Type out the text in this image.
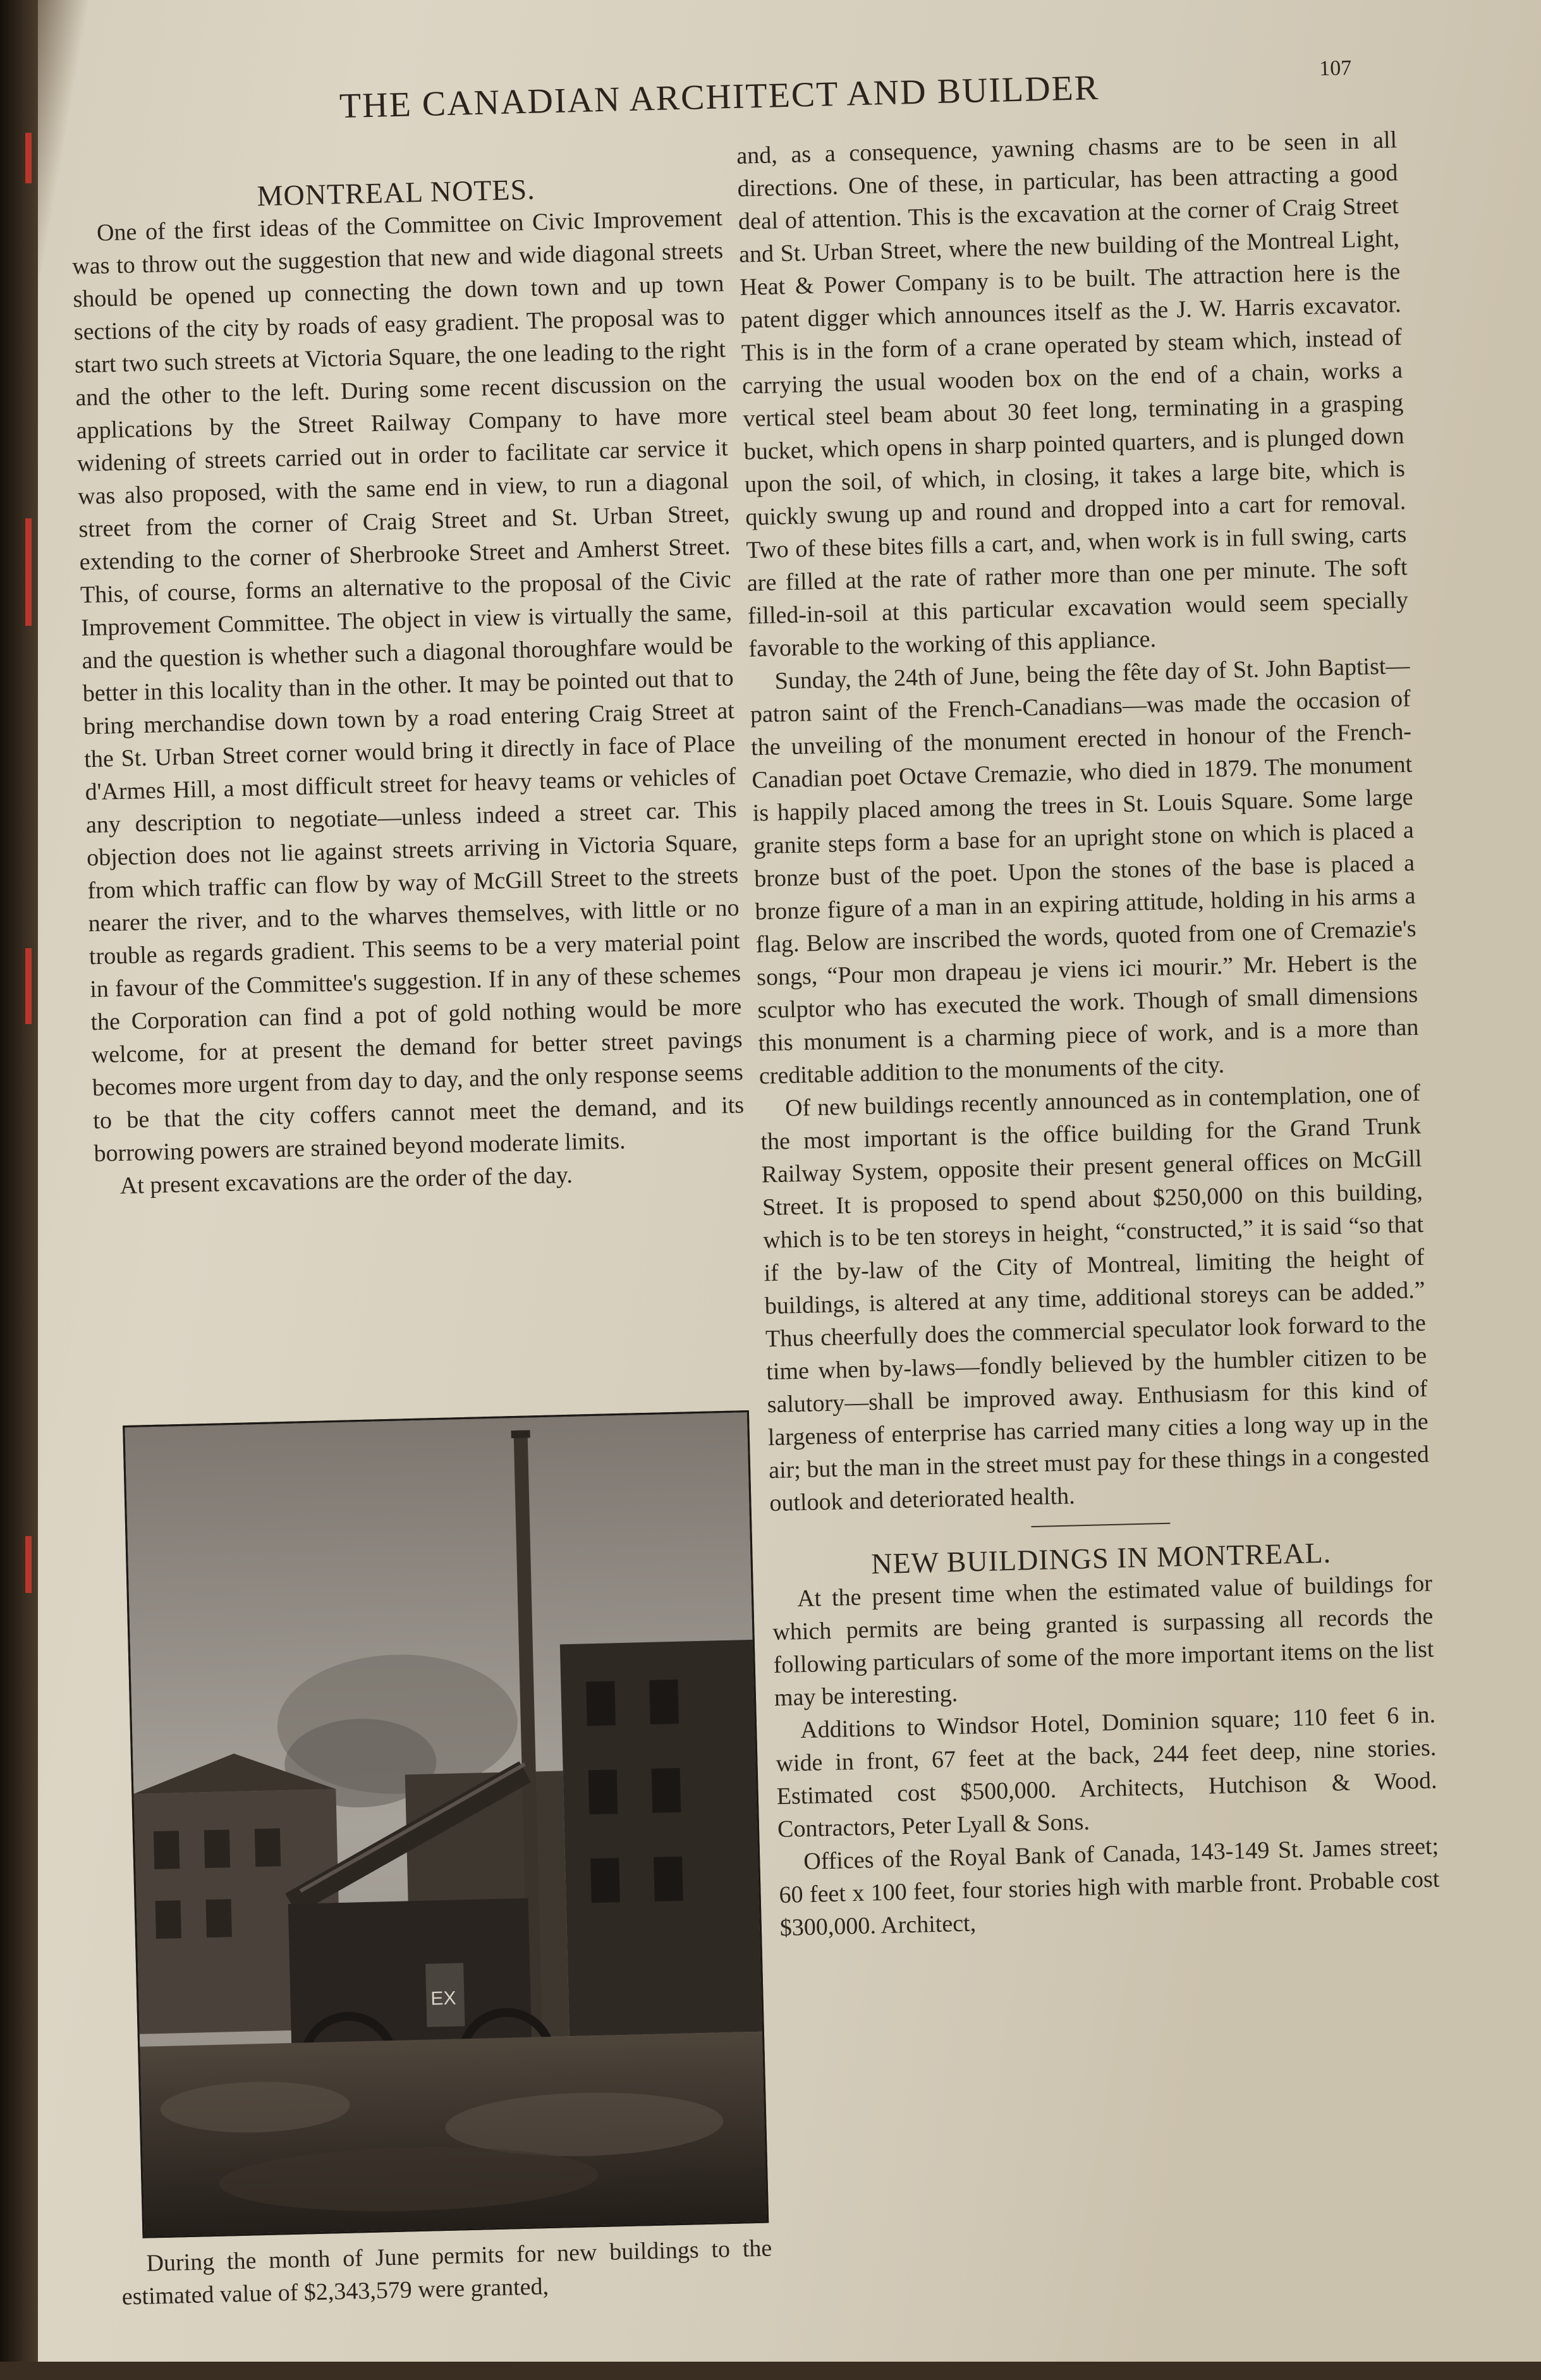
THE CANADIAN ARCHITECT AND BUILDER	107

MONTREAL NOTES.

One of the first ideas of the Committee on Civic Improvement was to throw out the suggestion that new and wide diagonal streets should be opened up connecting the down town and up town sections of the city by roads of easy gradient. The proposal was to start two such streets at Victoria Square, the one leading to the right and the other to the left. During some recent discussion on the applications by the Street Railway Company to have more widening of streets carried out in order to facilitate car service it was also proposed, with the same end in view, to run a diagonal street from the corner of Craig Street and St. Urban Street, extending to the corner of Sherbrooke Street and Amherst Street. This, of course, forms an alternative to the proposal of the Civic Improvement Committee. The object in view is virtually the same, and the question is whether such a diagonal thoroughfare would be better in this locality than in the other. It may be pointed out that to bring merchandise down town by a road entering Craig Street at the St. Urban Street corner would bring it directly in face of Place d'Armes Hill, a most difficult street for heavy teams or vehicles of any description to negotiate—unless indeed a street car. This objection does not lie against streets arriving in Victoria Square, from which traffic can flow by way of McGill Street to the streets nearer the river, and to the wharves themselves, with little or no trouble as regards gradient. This seems to be a very material point in favour of the Committee's suggestion. If in any of these schemes the Corporation can find a pot of gold nothing would be more welcome, for at present the demand for better street pavings becomes more urgent from day to day, and the only response seems to be that the city coffers cannot meet the demand, and its borrowing powers are strained beyond moderate limits.

At present excavations are the order of the day.

EX

During the month of June permits for new buildings to the estimated value of $2,343,579 were granted,

and, as a consequence, yawning chasms are to be seen in all directions. One of these, in particular, has been attracting a good deal of attention. This is the excavation at the corner of Craig Street and St. Urban Street, where the new building of the Montreal Light, Heat & Power Company is to be built. The attraction here is the patent digger which announces itself as the J. W. Harris excavator. This is in the form of a crane operated by steam which, instead of carrying the usual wooden box on the end of a chain, works a vertical steel beam about 30 feet long, terminating in a grasping bucket, which opens in sharp pointed quarters, and is plunged down upon the soil, of which, in closing, it takes a large bite, which is quickly swung up and round and dropped into a cart for removal. Two of these bites fills a cart, and, when work is in full swing, carts are filled at the rate of rather more than one per minute. The soft filled-in-soil at this particular excavation would seem specially favorable to the working of this appliance.

Sunday, the 24th of June, being the fête day of St. John Baptist—patron saint of the French-Canadians—was made the occasion of the unveiling of the monument erected in honour of the French-Canadian poet Octave Cremazie, who died in 1879. The monument is happily placed among the trees in St. Louis Square. Some large granite steps form a base for an upright stone on which is placed a bronze bust of the poet. Upon the stones of the base is placed a bronze figure of a man in an expiring attitude, holding in his arms a flag. Below are inscribed the words, quoted from one of Cremazie's songs, “Pour mon drapeau je viens ici mourir.” Mr. Hebert is the sculptor who has executed the work. Though of small dimensions this monument is a charming piece of work, and is a more than creditable addition to the monuments of the city.

Of new buildings recently announced as in contemplation, one of the most important is the office building for the Grand Trunk Railway System, opposite their present general offices on McGill Street. It is proposed to spend about $250,000 on this building, which is to be ten storeys in height, “constructed,” it is said “so that if the by-law of the City of Montreal, limiting the height of buildings, is altered at any time, additional storeys can be added.” Thus cheerfully does the commercial speculator look forward to the time when by-laws—fondly believed by the humbler citizen to be salutory—shall be improved away. Enthusiasm for this kind of largeness of enterprise has carried many cities a long way up in the air; but the man in the street must pay for these things in a congested outlook and deteriorated health.

NEW BUILDINGS IN MONTREAL.

At the present time when the estimated value of buildings for which permits are being granted is surpassing all records the following particulars of some of the more important items on the list may be interesting.

Additions to Windsor Hotel, Dominion square; 110 feet 6 in. wide in front, 67 feet at the back, 244 feet deep, nine stories. Estimated cost $500,000. Architects, Hutchison & Wood. Contractors, Peter Lyall & Sons.

Offices of the Royal Bank of Canada, 143-149 St. James street; 60 feet x 100 feet, four stories high with marble front. Probable cost $300,000. Architect,
